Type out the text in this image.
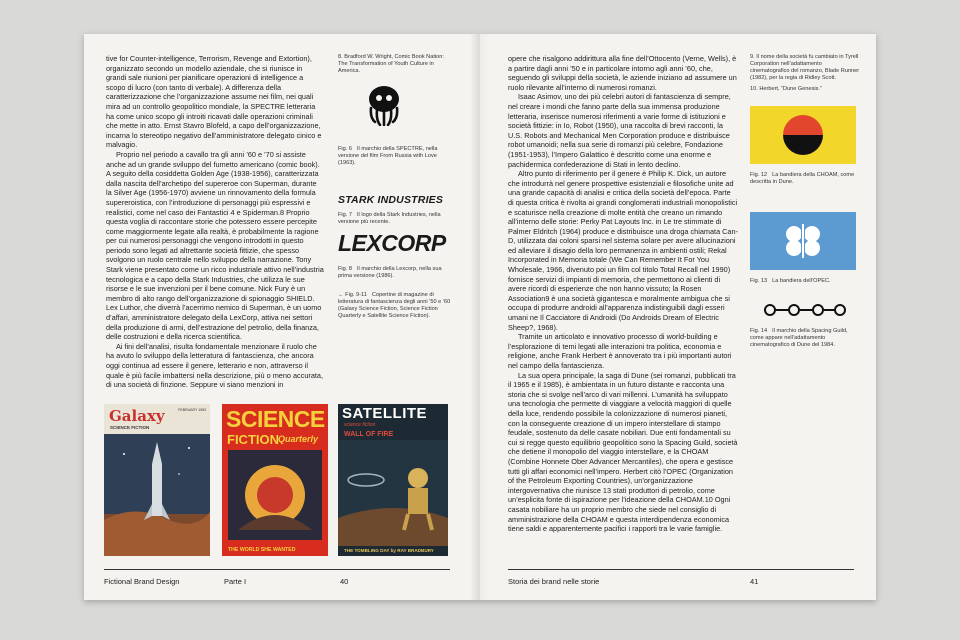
tive for Counter-intelligence, Terrorism, Revenge and Extortion), organizzato secondo un modello aziendale, che si riunisce in grandi sale riunioni per pianificare operazioni di intelligence a scopo di lucro (con tanto di verbale). A differenza della caratterizzazione che l’organizzazione assume nei film, nei quali mira ad un controllo geopolitico mondiale, la SPECTRE letteraria ha come unico scopo gli introiti ricavati dalle operazioni criminali che mette in atto. Ernst Stavro Blofeld, a capo dell’organizzazione, incarna lo stereotipo negativo dell’amministratore delegato cinico e malvagio.

Proprio nel periodo a cavallo tra gli anni ’60 e ’70 si assiste anche ad un grande sviluppo del fumetto americano (comic book). A seguito della cosiddetta Golden Age (1938-1956), caratterizzata dalla nascita dell’archetipo del supereroe con Superman, durante la Silver Age (1956-1970) avviene un rinnovamento della formula supereroistica, con l’introduzione di personaggi più espressivi e realistici, come nel caso dei Fantastici 4 e Spiderman.8 Proprio questa voglia di raccontare storie che potessero essere percepite come maggiormente legate alla realtà, è probabilmente la ragione per cui numerosi personaggi che vengono introdotti in questo periodo sono legati ad altrettante società fittizie, che spesso svolgono un ruolo centrale nello sviluppo della narrazione. Tony Stark viene presentato come un ricco industriale attivo nell’industria tecnologica e a capo della Stark Industries, che utilizza le sue risorse e le sue invenzioni per il bene comune. Nick Fury è un membro di alto rango dell’organizzazione di spionaggio SHIELD. Lex Luthor, che diverrà l’acerrimo nemico di Superman, è un uomo d’affari, amministratore delegato della LexCorp, attiva nei settori della produzione di armi, dell’estrazione del petrolio, della finanza, delle costruzioni e della ricerca scientifica.

Ai fini dell’analisi, risulta fondamentale menzionare il ruolo che ha avuto lo sviluppo della letteratura di fantascienza, che ancora oggi continua ad essere il genere, letterario e non, attraverso il quale è più facile imbattersi nella descrizione, più o meno accurata, di una società di finzione. Seppure vi siano menzioni in

8. Bradford W. Wright, Comic Book Nation: The Transformation of Youth Culture in America.

Fig. 6 Il marchio della SPECTRE, nella versione del film From Russia with Love (1963).
STARK INDUSTRIES
Fig. 7 Il logo della Stark Industries, nella versione più recente.
LEXCORP
Fig. 8 Il marchio della Lexcorp, nella sua prima versione (1986).
← Fig. 9-11 Copertine di magazine di letteratura di fantascienza degli anni ’50 e ’60 (Galaxy Science Fiction, Science Fiction Quarterly e Satellite Science Fiction).
Galaxy
SCIENCE FICTION
FEBRUARY 1953 SCIENCE
FICTION Quarterly
THE WORLD SHE WANTED
SATELLITE
science fiction
WALL OF FIRE
THE TOMBLING DAY by RAY BRADBURY
Fictional Brand Design	Parte I	40

opere che risalgono addirittura alla fine dell’Ottocento (Verne, Wells), è a partire dagli anni ’50 e in particolare intorno agli anni ’60, che, seguendo gli sviluppi della società, le aziende iniziano ad assumere un ruolo rilevante all’interno di numerosi romanzi.

Isaac Asimov, uno dei più celebri autori di fantascienza di sempre, nel creare i mondi che fanno parte della sua immensa produzione letteraria, inserisce numerosi riferimenti a varie forme di istituzioni e società fittizie: in Io, Robot (1950), una raccolta di brevi racconti, la U.S. Robots and Mechanical Men Corporation produce e distribuisce robot umanoidi; nella sua serie di romanzi più celebre, Fondazione (1951-1953), l’Impero Galattico è descritto come una enorme e pachidermica confederazione di Stati in lento declino.

Altro punto di riferimento per il genere è Philip K. Dick, un autore che introdurrà nel genere prospettive esistenziali e filosofiche unite ad una grande capacità di analisi e critica della società dell’epoca. Parte di questa critica è rivolta ai grandi conglomerati industriali monopolistici e scaturisce nella creazione di molte entità che creano un rimando all’interno delle storie: Perky Pat Layouts Inc. in Le tre stimmate di Palmer Eldritch (1964) produce e distribuisce una droga chiamata Can-D, utilizzata dai coloni sparsi nel sistema solare per avere allucinazioni ed alleviare il disagio della loro permanenza in ambienti ostili; Rekal Incorporated in Memoria totale (We Can Remember It For You Wholesale, 1966, divenuto poi un film col titolo Total Recall nel 1990) fornisce servizi di impianti di memoria, che permettono ai clienti di avere ricordi di esperienze che non hanno vissuto; la Rosen Association9 è una società gigantesca e moralmente ambigua che si occupa di produrre androidi all’apparenza indistinguibili dagli esseri umani ne Il Cacciatore di Androidi (Do Androids Dream of Electric Sheep?, 1968).

Tramite un articolato e innovativo processo di world-building e l’esplorazione di temi legati alle interazioni tra politica, economia e religione, anche Frank Herbert è annoverato tra i più importanti autori nel campo della fantascienza.

La sua opera principale, la saga di Dune (sei romanzi, pubblicati tra il 1965 e il 1985), è ambientata in un futuro distante e racconta una storia che si svolge nell’arco di vari millenni. L’umanità ha sviluppato una tecnologia che permette di viaggiare a velocità maggiori di quelle della luce, rendendo possibile la colonizzazione di numerosi pianeti, con la conseguente creazione di un impero interstellare di stampo feudale, sostenuto da delle casate nobiliari. Due enti fondamentali su cui si regge questo equilibrio geopolitico sono la Spacing Guild, società che detiene il monopolio del viaggio interstellare, e la CHOAM (Combine Honnete Ober Advancer Mercantiles), che opera e gestisce tutti gli affari economici nell’impero. Herbert citò l’OPEC (Organization of the Petroleum Exporting Countries), un’organizzazione intergovernativa che riunisce 13 stati produttori di petrolio, come un’esplicita fonte di ispirazione per l’ideazione della CHOAM.10 Ogni casata nobiliare ha un proprio membro che siede nel consiglio di amministrazione della CHOAM e questa interdipendenza economica tiene saldi e apparentemente pacifici i rapporti tra le varie famiglie.

9. Il nome della società fu cambiato in Tyrell Corporation nell’adattamento cinematografico del romanzo, Blade Runner (1982), per la regia di Ridley Scott.

10. Herbert, “Dune Genesis.”

Fig. 12 La bandiera della CHOAM, come descritta in Dune.
Fig. 13 La bandiera dell’OPEC.
Fig. 14 Il marchio della Spacing Guild, come appare nell’adattamento cinematografico di Dune del 1984.
Storia dei brand nelle storie	41
